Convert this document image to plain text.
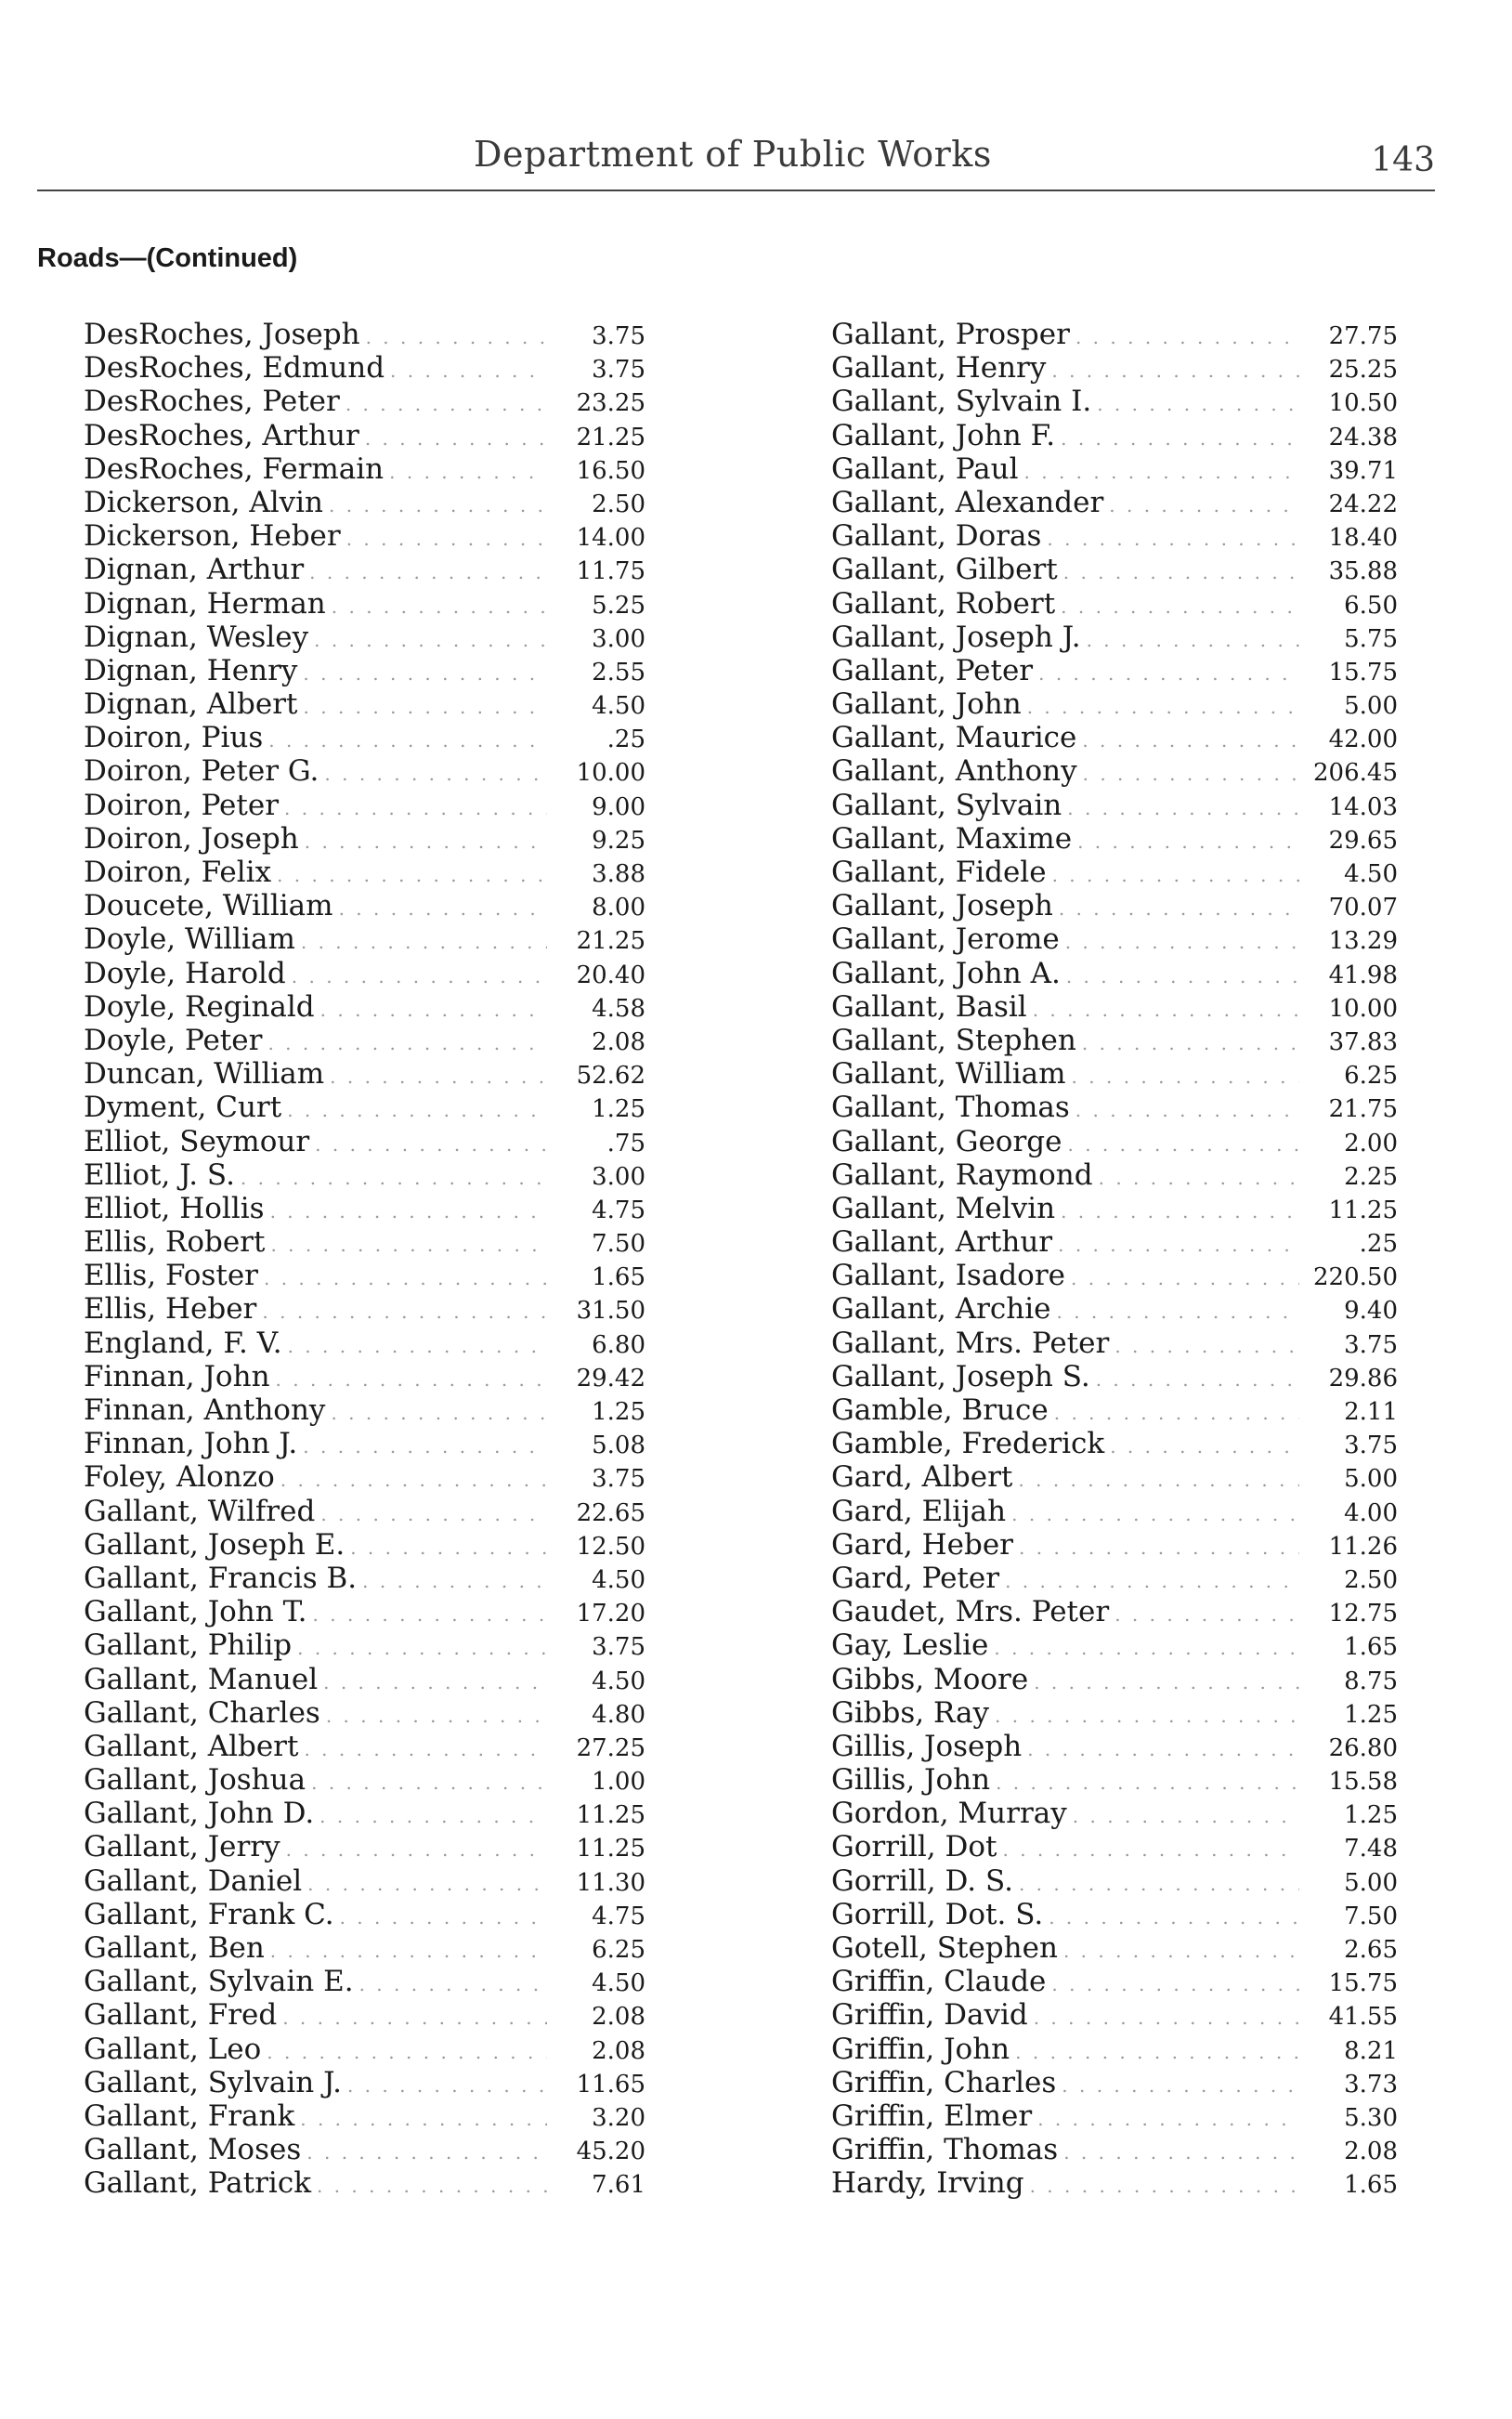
Department of Public Works	143
Roads—(Continued)
DesRoches, Joseph . . .	3.75
DesRoches, Edmund . . .	3.75
DesRoches, Peter . . .	23.25
DesRoches, Arthur . . .	21.25
DesRoches, Fermain . . .	16.50
Dickerson, Alvin . . .	2.50
Dickerson, Heber . . .	14.00
Dignan, Arthur . . .	11.75
Dignan, Herman . . .	5.25
Dignan, Wesley . . .	3.00
Dignan, Henry . . .	2.55
Dignan, Albert . . .	4.50
Doiron, Pius . . .	.25
Doiron, Peter G. . . .	10.00
Doiron, Peter . . .	9.00
Doiron, Joseph . . .	9.25
Doiron, Felix . . .	3.88
Doucete, William . . .	8.00
Doyle, William . . .	21.25
Doyle, Harold . . .	20.40
Doyle, Reginald . . .	4.58
Doyle, Peter . . .	2.08
Duncan, William . . .	52.62
Dyment, Curt . . .	1.25
Elliot, Seymour . . .	.75
Elliot, J. S. . . .	3.00
Elliot, Hollis . . .	4.75
Ellis, Robert . . .	7.50
Ellis, Foster . . .	1.65
Ellis, Heber . . .	31.50
England, F. V. . . .	6.80
Finnan, John . . .	29.42
Finnan, Anthony . . .	1.25
Finnan, John J. . . .	5.08
Foley, Alonzo . . .	3.75
Gallant, Wilfred . . .	22.65
Gallant, Joseph E. . . .	12.50
Gallant, Francis B. . . .	4.50
Gallant, John T. . . .	17.20
Gallant, Philip . . .	3.75
Gallant, Manuel . . .	4.50
Gallant, Charles . . .	4.80
Gallant, Albert . . .	27.25
Gallant, Joshua . . .	1.00
Gallant, John D. . . .	11.25
Gallant, Jerry . . .	11.25
Gallant, Daniel . . .	11.30
Gallant, Frank C. . . .	4.75
Gallant, Ben . . .	6.25
Gallant, Sylvain E. . . .	4.50
Gallant, Fred . . .	2.08
Gallant, Leo . . .	2.08
Gallant, Sylvain J. . . .	11.65
Gallant, Frank . . .	3.20
Gallant, Moses . . .	45.20
Gallant, Patrick . . .	7.61
Gallant, Prosper . . .	27.75
Gallant, Henry . . .	25.25
Gallant, Sylvain I. . . .	10.50
Gallant, John F. . . .	24.38
Gallant, Paul . . .	39.71
Gallant, Alexander . . .	24.22
Gallant, Doras . . .	18.40
Gallant, Gilbert . . .	35.88
Gallant, Robert . . .	6.50
Gallant, Joseph J. . . .	5.75
Gallant, Peter . . .	15.75
Gallant, John . . .	5.00
Gallant, Maurice . . .	42.00
Gallant, Anthony . . .	206.45
Gallant, Sylvain . . .	14.03
Gallant, Maxime . . .	29.65
Gallant, Fidele . . .	4.50
Gallant, Joseph . . .	70.07
Gallant, Jerome . . .	13.29
Gallant, John A. . . .	41.98
Gallant, Basil . . .	10.00
Gallant, Stephen . . .	37.83
Gallant, William . . .	6.25
Gallant, Thomas . . .	21.75
Gallant, George . . .	2.00
Gallant, Raymond . . .	2.25
Gallant, Melvin . . .	11.25
Gallant, Arthur . . .	.25
Gallant, Isadore . . .	220.50
Gallant, Archie . . .	9.40
Gallant, Mrs. Peter . . .	3.75
Gallant, Joseph S. . . .	29.86
Gamble, Bruce . . .	2.11
Gamble, Frederick . . .	3.75
Gard, Albert . . .	5.00
Gard, Elijah . . .	4.00
Gard, Heber . . .	11.26
Gard, Peter . . .	2.50
Gaudet, Mrs. Peter . . .	12.75
Gay, Leslie . . .	1.65
Gibbs, Moore . . .	8.75
Gibbs, Ray . . .	1.25
Gillis, Joseph . . .	26.80
Gillis, John . . .	15.58
Gordon, Murray . . .	1.25
Gorrill, Dot . . .	7.48
Gorrill, D. S. . . .	5.00
Gorrill, Dot. S. . . .	7.50
Gotell, Stephen . . .	2.65
Griffin, Claude . . .	15.75
Griffin, David . . .	41.55
Griffin, John . . .	8.21
Griffin, Charles . . .	3.73
Griffin, Elmer . . .	5.30
Griffin, Thomas . . .	2.08
Hardy, Irving . . .	1.65
